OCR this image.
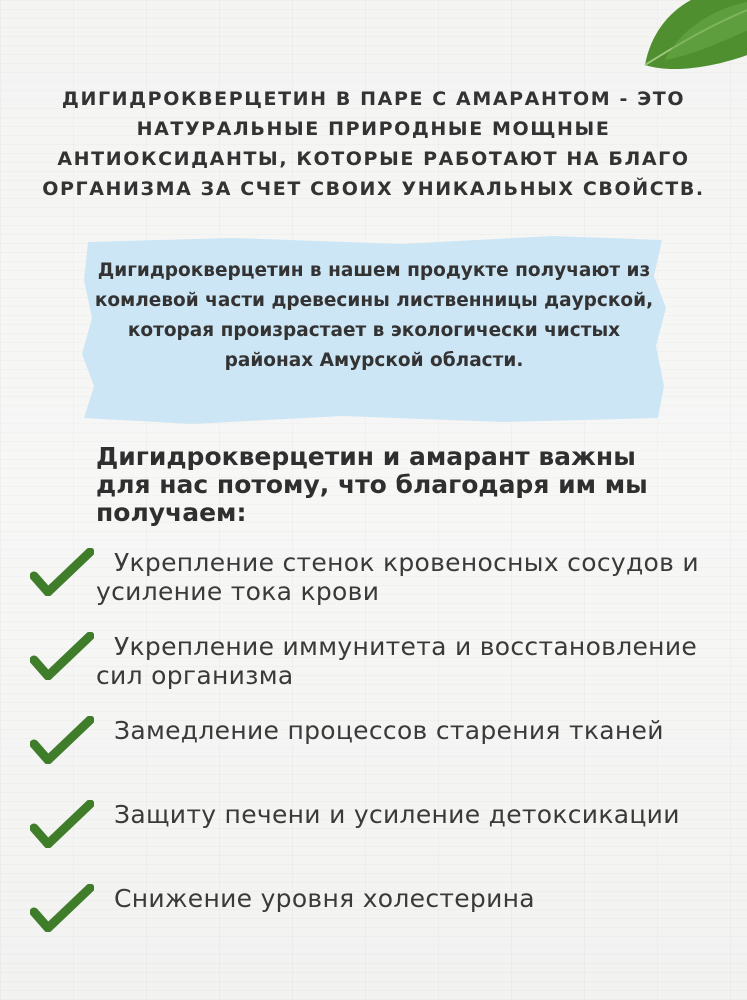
ДИГИДРОКВЕРЦЕТИН В ПАРЕ С АМАРАНТОМ - ЭТО НАТУРАЛЬНЫЕ ПРИРОДНЫЕ МОЩНЫЕ АНТИОКСИДАНТЫ, КОТОРЫЕ РАБОТАЮТ НА БЛАГО ОРГАНИЗМА ЗА СЧЕТ СВОИХ УНИКАЛЬНЫХ СВОЙСТВ.
Дигидрокверцетин в нашем продукте получают из комлевой части древесины лиственницы даурской, которая произрастает в экологически чистых районах Амурской области.
Дигидрокверцетин и амарант важны для нас потому, что благодаря им мы получаем:
Укрепление стенок кровеносных сосудов и усиление тока крови
Укрепление иммунитета и восстановление сил организма
Замедление процессов старения тканей
Защиту печени и усиление детоксикации
Снижение уровня холестерина
